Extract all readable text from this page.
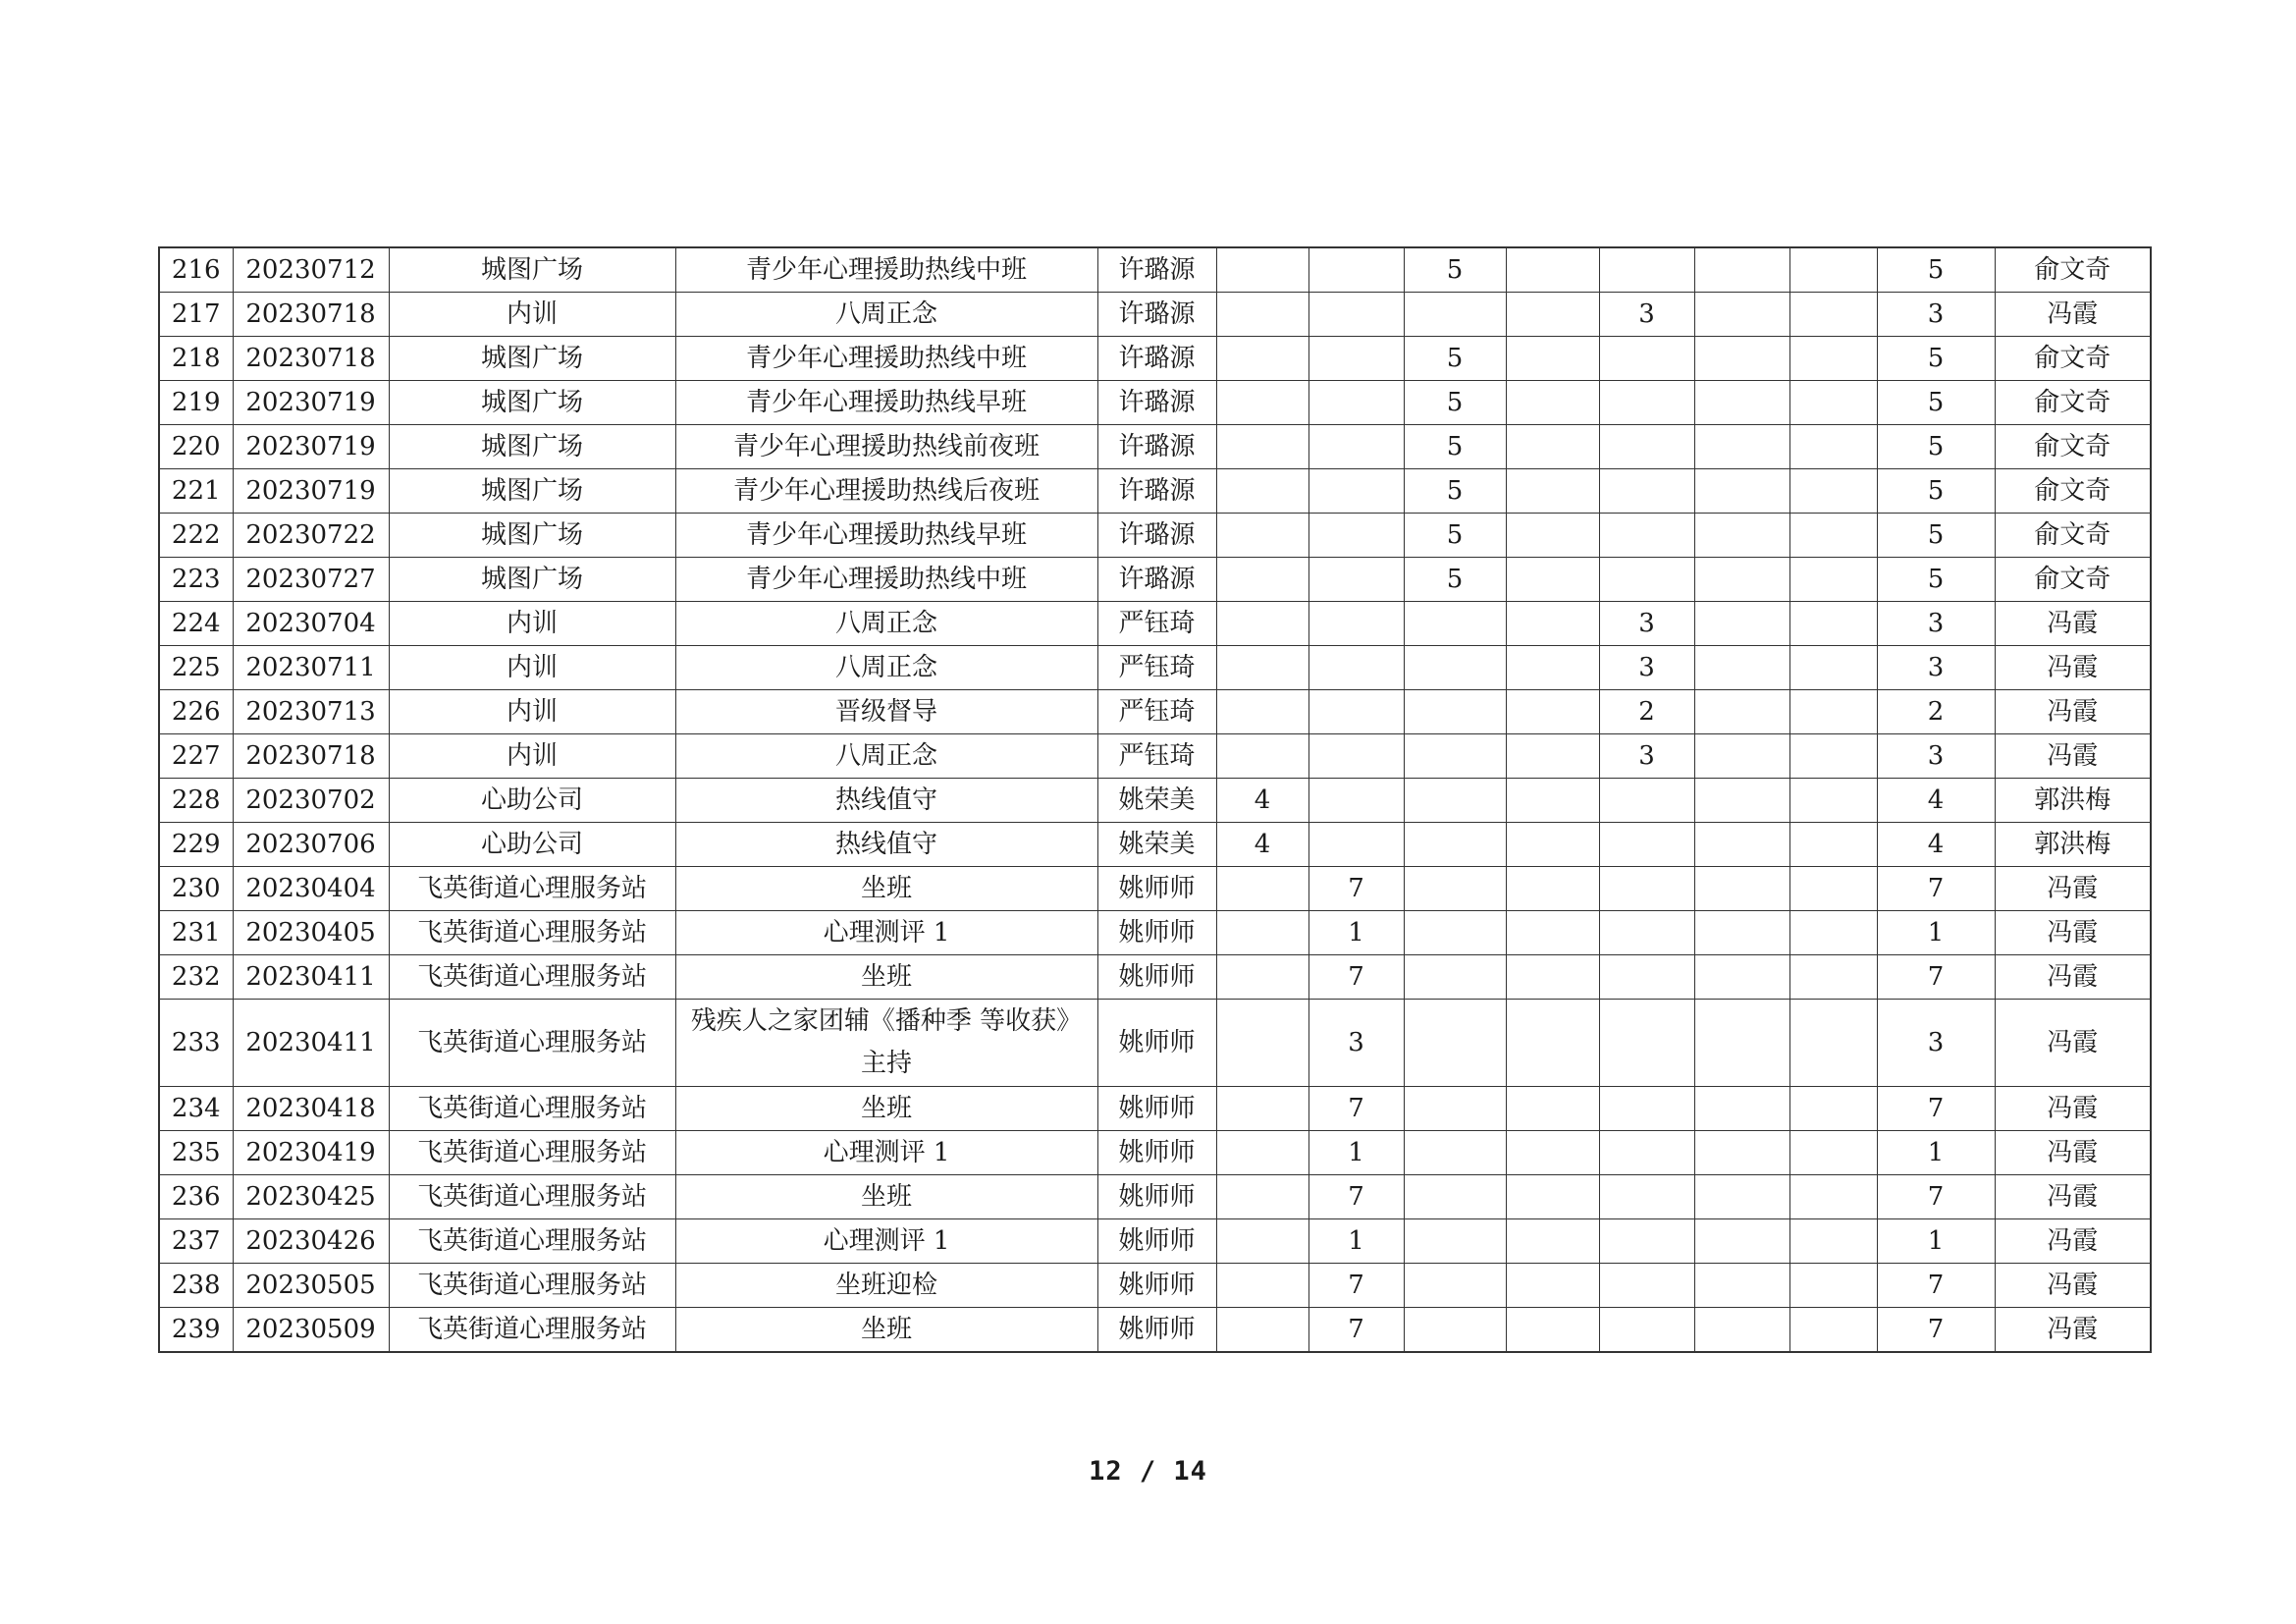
216	20230712	城图广场	青少年心理援助热线中班	许璐源			5					5	俞文奇
217	20230718	内训	八周正念	许璐源					3			3	冯霞
218	20230718	城图广场	青少年心理援助热线中班	许璐源			5					5	俞文奇
219	20230719	城图广场	青少年心理援助热线早班	许璐源			5					5	俞文奇
220	20230719	城图广场	青少年心理援助热线前夜班	许璐源			5					5	俞文奇
221	20230719	城图广场	青少年心理援助热线后夜班	许璐源			5					5	俞文奇
222	20230722	城图广场	青少年心理援助热线早班	许璐源			5					5	俞文奇
223	20230727	城图广场	青少年心理援助热线中班	许璐源			5					5	俞文奇
224	20230704	内训	八周正念	严钰琦					3			3	冯霞
225	20230711	内训	八周正念	严钰琦					3			3	冯霞
226	20230713	内训	晋级督导	严钰琦					2			2	冯霞
227	20230718	内训	八周正念	严钰琦					3			3	冯霞
228	20230702	心助公司	热线值守	姚荣美	4							4	郭洪梅
229	20230706	心助公司	热线值守	姚荣美	4							4	郭洪梅
230	20230404	飞英街道心理服务站	坐班	姚师师		7						7	冯霞
231	20230405	飞英街道心理服务站	心理测评 1	姚师师		1						1	冯霞
232	20230411	飞英街道心理服务站	坐班	姚师师		7						7	冯霞
233	20230411	飞英街道心理服务站	残疾人之家团辅《播种季 等收获》主持	姚师师		3						3	冯霞
234	20230418	飞英街道心理服务站	坐班	姚师师		7						7	冯霞
235	20230419	飞英街道心理服务站	心理测评 1	姚师师		1						1	冯霞
236	20230425	飞英街道心理服务站	坐班	姚师师		7						7	冯霞
237	20230426	飞英街道心理服务站	心理测评 1	姚师师		1						1	冯霞
238	20230505	飞英街道心理服务站	坐班迎检	姚师师		7						7	冯霞
239	20230509	飞英街道心理服务站	坐班	姚师师		7						7	冯霞
12 / 14
